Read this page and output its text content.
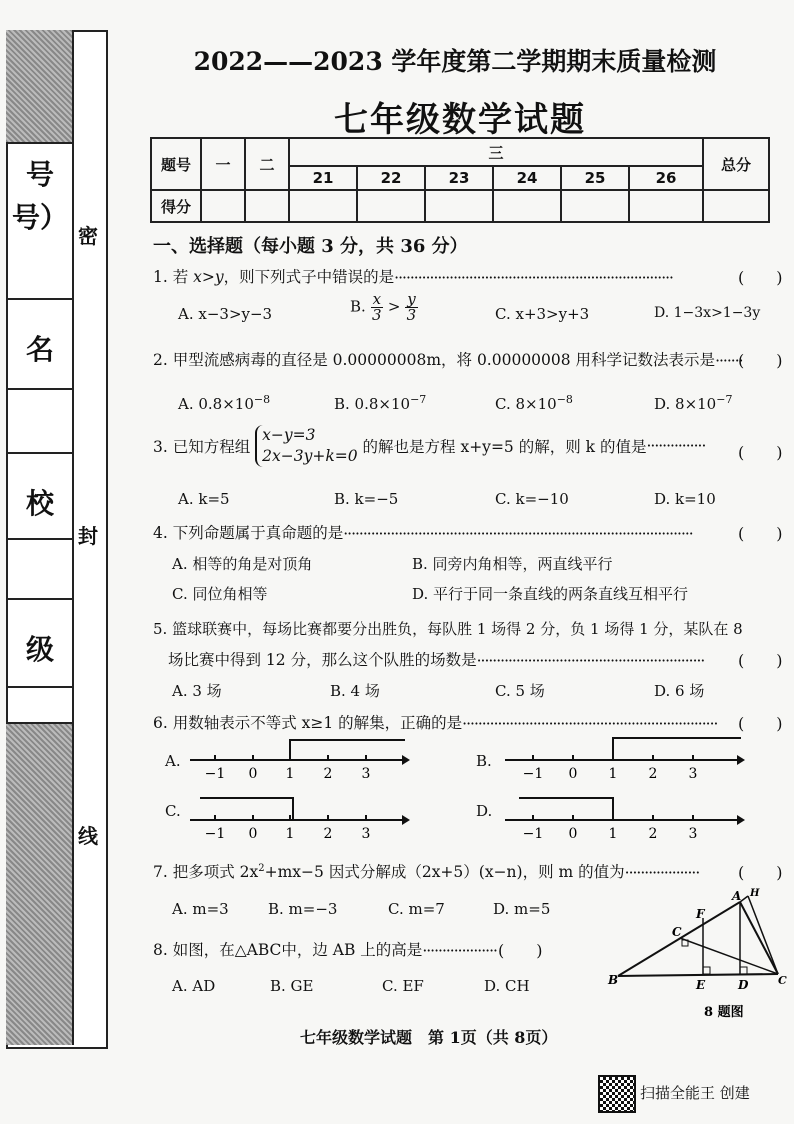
号
号）
名
校
级
密
封
线
2022——2023 学年度第二学期期末质量检测
七年级数学试题
题号	一	二	三						总分
			21	22	23	24	25	26	
得分									
一、选择题（每小题 3 分，共 36 分）
1. 若 x>y，则下列式子中错误的是·······································································	(　　)
A. x−3>y−3	B. $\frac{x}{3} > \frac{y}{3}$	C. x+3>y+3	D. 1−3x>1−3y
2. 甲型流感病毒的直径是 0.00000008m，将 0.00000008 用科学记数法表示是·······
(　　)
A. $0.8\times 10^{-8}$	B. $0.8\times 10^{-7}$	C. $8\times 10^{-8}$	D. $8\times 10^{-7}$
3. 已知方程组 x−y=3
2x−3y+k=0 的解也是方程 x+y=5 的解，则 k 的值是··············· (　　)
A. k=5	B. k=−5	C. k=−10	D. k=10
4. 下列命题属于真命题的是·························································································	(　　)
A. 相等的角是对顶角	B. 同旁内角相等，两直线平行
C. 同位角相等	D. 平行于同一条直线的两条直线互相平行
5. 篮球联赛中，每场比赛都要分出胜负，每队胜 1 场得 2 分，负 1 场得 1 分，某队在 8
场比赛中得到 12 分，那么这个队胜的场数是··························································	(　　)
A. 3 场	B. 4 场	C. 5 场	D. 6 场
6. 用数轴表示不等式 x≥1 的解集，正确的是································································· (　　)
A.	B.
C.	D.
−1 0 1 2 3	−1 0 1 2 3
−1 0 1 2 3	−1 0 1 2 3
7. 把多项式 $2x^2+mx-5$ 因式分解成（2x+5）(x−n)，则 m 的值为··················· (　　)
A. m=3	B. m=−3	C. m=7	D. m=5
8. 如图，在△ABC中，边 AB 上的高是··················· (　　)
A. AD	B. GE	C. EF	D. CH	B
C
F
E
A H
D	C
8 题图
七年级数学试题　第 1页（共 8页）
扫描全能王 创建
